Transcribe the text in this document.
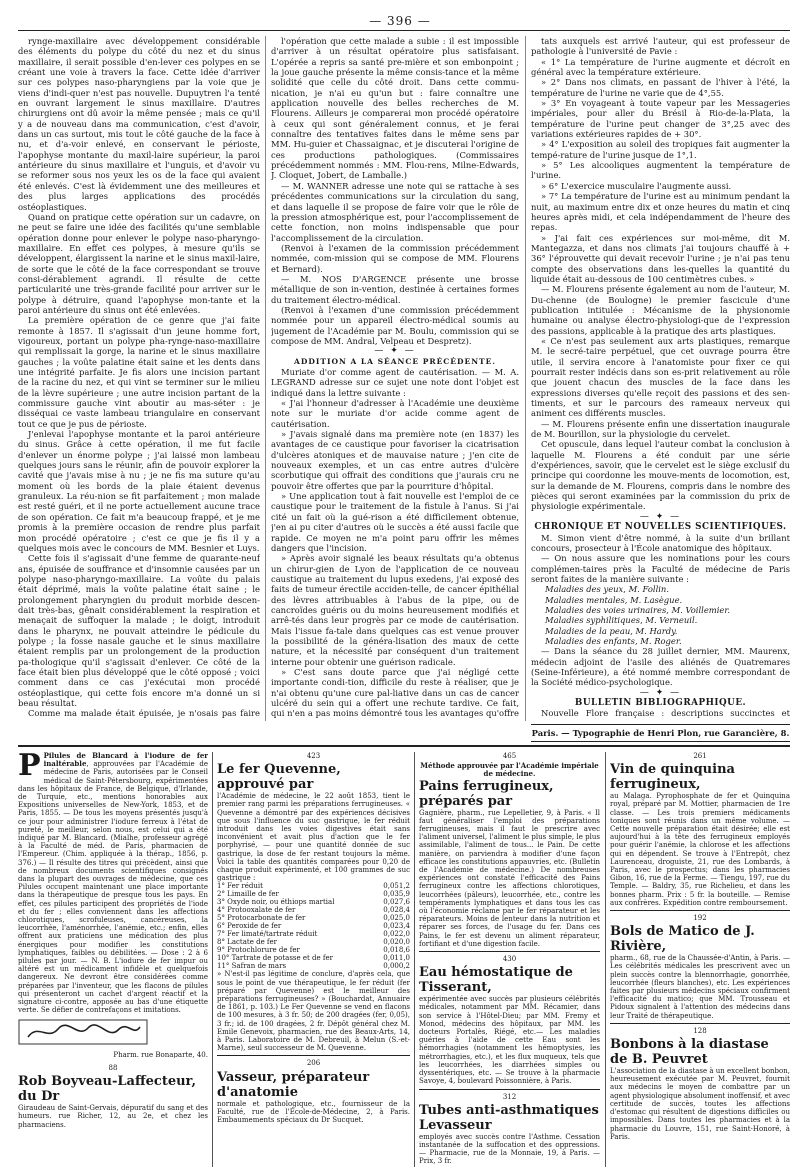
— 396 —

rynge-maxillaire avec développement considérable des éléments du polype du côté du nez et du sinus maxillaire, il serait possible d'en-lever ces polypes en se créant une voie à travers la face. Cette idée d'arriver sur ces polypes naso-pharyngiens par la voie que je viens d'indi-quer n'est pas nouvelle. Dupuytren l'a tenté en ouvrant largement le sinus maxillaire. D'autres chirurgiens ont dû avoir la même pensée ; mais ce qu'il y a de nouveau dans ma communication, c'est d'avoir, dans un cas surtout, mis tout le côté gauche de la face à nu, et d'a-voir enlevé, en conservant le périoste, l'apophyse montante du maxil-laire supérieur, la paroi antérieure du sinus maxillaire et l'unguis, et d'avoir vu se reformer sous nos yeux les os de la face qui avaient été enlevés. C'est là évidemment une des meilleures et des plus larges applications des procédés ostéoplastiques.

Quand on pratique cette opération sur un cadavre, on ne peut se faire une idée des facilités qu'une semblable opération donne pour enlever le polype naso-pharyngo-maxillaire. En effet ces polypes, à mesure qu'ils se développent, élargissent la narine et le sinus maxil-laire, de sorte que le côté de la face correspondant se trouve consi-dérablement agrandi. Il résulte de cette particularité une très-grande facilité pour arriver sur le polype à détruire, quand l'apophyse mon-tante et la paroi antérieure du sinus ont été enlevées.

La première opération de ce genre que j'ai faite remonte à 1857. Il s'agissait d'un jeune homme fort, vigoureux, portant un polype pha-rynge-naso-maxillaire qui remplissait la gorge, la narine et le sinus maxillaire gauches ; la voûte palatine était saine et les dents dans une intégrité parfaite. Je fis alors une incision partant de la racine du nez, et qui vint se terminer sur le milieu de la lèvre supérieure ; une autre incision partant de la commissure gauche vint aboutir au mas-séter : je disséquai ce vaste lambeau triangulaire en conservant tout ce que je pus de périoste.

J'enlevai l'apophyse montante et la paroi antérieure du sinus. Grâce à cette opération, il me fut facile d'enlever un énorme polype ; j'ai laissé mon lambeau quelques jours sans le réunir, afin de pouvoir explorer la cavité que j'avais mise à nu ; je ne fis ma suture qu'au moment où les bords de la plaie étaient devenus granuleux. La réu-nion se fit parfaitement ; mon malade est resté guéri, et il ne porte actuellement aucune trace de son opération. Ce fait m'a beaucoup frappé, et je me promis à la première occasion de rendre plus parfait mon procédé opératoire ; c'est ce que je fis il y a quelques mois avec le concours de MM. Besnier et Luys.

Cette fois il s'agissait d'une femme de quarante-neuf ans, épuisée de souffrance et d'insomnie causées par un polype naso-pharyngo-maxillaire. La voûte du palais était déprimé, mais la voûte palatine était saine ; le prolongement pharyngien du produit morbide descen-dait très-bas, gênait considérablement la respiration et menaçait de suffoquer la malade ; le doigt, introduit dans le pharynx, ne pouvait atteindre le pédicule du polype ; la fosse nasale gauche et le sinus maxillaire étaient remplis par un prolongement de la production pa-thologique qu'il s'agissait d'enlever. Ce côté de la face était bien plus développé que le côté opposé ; voici comment dans ce cas j'exécutai mon procédé ostéoplastique, qui cette fois encore m'a donné un si beau résultat.

Comme ma malade était épuisée, je n'osais pas faire

l'opération que cette malade a subie : il est impossible d'arriver à un résultat opératoire plus satisfaisant. L'opérée a repris sa santé pre-mière et son embonpoint ; la joue gauche présente la même consis-tance et la même solidité que celle du côté droit. Dans cette commu-nication, je n'ai eu qu'un but : faire connaître une application nouvelle des belles recherches de M. Flourens. Ailleurs je comparerai mon procédé opératoire à ceux qui sont généralement connus, et je ferai connaître des tentatives faites dans le même sens par MM. Hu-guier et Chassaignac, et je discuterai l'origine de ces productions pathologiques. (Commissaires précédemment nommés : MM. Flou-rens, Milne-Edwards, J. Cloquet, Jobert, de Lamballe.)

— M. WANNER adresse une note qui se rattache à ses précédentes communications sur la circulation du sang, et dans laquelle il se propose de faire voir que le rôle de la pression atmosphérique est, pour l'accomplissement de cette fonction, non moins indispensable que pour l'accomplissement de la circulation.

(Renvoi à l'examen de la commission précédemment nommée, com-mission qui se compose de MM. Flourens et Bernard).

— M. NOS D'ARGENCE présente une brosse métallique de son in-vention, destinée à certaines formes du traitement électro-médical.

(Renvoi à l'examen d'une commission précédemment nommée pour un appareil électro-médical soumis au jugement de l'Académie par M. Boulu, commission qui se compose de MM. Andral, Velpeau et Despretz).

— ✦ —

ADDITION A LA SÉANCE PRÉCÉDENTE.

Muriate d'or comme agent de cautérisation. — M. A. LEGRAND adresse sur ce sujet une note dont l'objet est indiqué dans la lettre suivante :

« J'ai l'honneur d'adresser à l'Académie une deuxième note sur le muriate d'or acide comme agent de cautérisation.

» J'avais signalé dans ma première note (en 1837) les avantages de ce caustique pour favoriser la cicatrisation d'ulcères atoniques et de mauvaise nature ; j'en cite de nouveaux exemples, et un cas entre autres d'ulcère scorbutique qui offrait des conditions que j'aurais cru ne pouvoir être offertes que par la pourriture d'hôpital.

» Une application tout à fait nouvelle est l'emploi de ce caustique pour le traitement de la fistule à l'anus. Si j'ai cité un fait où la gué-rison a été difficilement obtenue, j'en ai pu citer d'autres où le succès a été aussi facile que rapide. Ce moyen ne m'a point paru offrir les mêmes dangers que l'incision.

» Après avoir signalé les beaux résultats qu'a obtenus un chirur-gien de Lyon de l'application de ce nouveau caustique au traitement du lupus exedens, j'ai exposé des faits de tumeur érectile acciden-telle, de cancer épithélial des lèvres attribuables à l'abus de la pipe, ou de cancroïdes guéris ou du moins heureusement modifiés et arrê-tés dans leur progrès par ce mode de cautérisation. Mais l'issue fa-tale dans quelques cas est venue prouver la possibilité de la généra-lisation des maux de cette nature, et la nécessité par conséquent d'un traitement interne pour obtenir une guérison radicale.

» C'est sans doute parce que j'ai négligé cette importante condi-tion, difficile du reste à réaliser, que je n'ai obtenu qu'une cure pal-liative dans un cas de cancer ulcéré du sein qui a offert une rechute tardive. Ce fait, qui n'en a pas moins démontré tous les avantages qu'offre

tats auxquels est arrivé l'auteur, qui est professeur de pathologie à l'université de Pavie :

« 1° La température de l'urine augmente et décroît en général avec la température extérieure.

» 2° Dans nos climats, en passant de l'hiver à l'été, la température de l'urine ne varie que de 4°,55.

» 3° En voyageant à toute vapeur par les Messageries impériales, pour aller du Brésil à Rio-de-la-Plata, la température de l'urine peut changer de 3°,25 avec des variations extérieures rapides de + 30°.

» 4° L'exposition au soleil des tropiques fait augmenter la tempé-rature de l'urine jusque de 1°,1.

» 5° Les alcooliques augmentent la température de l'urine.

» 6° L'exercice musculaire l'augmente aussi.

» 7° La température de l'urine est au minimum pendant la nuit, au maximum entre dix et onze heures du matin et cinq heures après midi, et cela indépendamment de l'heure des repas.

» J'ai fait ces expériences sur moi-même, dit M. Mantegazza, et dans nos climats j'ai toujours chauffé à + 36° l'éprouvette qui devait recevoir l'urine ; je n'ai pas tenu compte des observations dans les-quelles la quantité du liquide était au-dessous de 100 centimètres cubes. »

— M. Flourens présente également au nom de l'auteur, M. Du-chenne (de Boulogne) le premier fascicule d'une publication intitulée : Mécanisme de la physionomie humaine ou analyse électro-physiologi-que de l'expression des passions, applicable à la pratique des arts plastiques.

« Ce n'est pas seulement aux arts plastiques, remarque M. le secré-taire perpétuel, que cet ouvrage pourra être utile, il servira encore à l'anatomiste pour fixer ce qui pourrait rester indécis dans son es-prit relativement au rôle que jouent chacun des muscles de la face dans les expressions diverses qu'elle reçoit des passions et des sen-timents, et sur le parcours des rameaux nerveux qui animent ces différents muscles.

— M. Flourens présente enfin une dissertation inaugurale de M. Bourillon, sur la physiologie du cervelet.

Cet opuscule, dans lequel l'auteur combat la conclusion à laquelle M. Flourens a été conduit par une série d'expériences, savoir, que le cervelet est le siège exclusif du principe qui coordonne les mouve-ments de locomotion, est, sur la demande de M. Flourens, compris dans le nombre des pièces qui seront examinées par la commission du prix de physiologie expérimentale.

— ✦ —

CHRONIQUE ET NOUVELLES SCIENTIFIQUES.

M. Simon vient d'être nommé, à la suite d'un brillant concours, prosecteur à l'École anatomique des hôpitaux.

— On nous assure que les nominations pour les cours complémen-taires près la Faculté de médecine de Paris seront faites de la manière suivante :

Maladies des yeux, M. Follin.

Maladies mentales, M. Lasègue.

Maladies des voies urinaires, M. Voillemier.

Maladies syphilitiques, M. Verneuil.

Maladies de la peau, M. Hardy.

Maladies des enfants, M. Roger.

— Dans la séance du 28 juillet dernier, MM. Maurenx, médecin adjoint de l'asile des aliénés de Quatremares (Seine-Inférieure), a été nommé membre correspondant de la Société médico-psychologique.

— ✦ —

BULLETIN BIBLIOGRAPHIQUE.

Nouvelle Flore française : descriptions succinctes et

Paris. — Typographie de Henri Plon, rue Garancière, 8.

P Pilules de Blancard à l'iodure de fer inaltérable, approuvées par l'Académie de médecine de Paris, autorisées par le Conseil médical de Saint-Pétersbourg, expérimentées dans les hôpitaux de France, de Belgique, d'Irlande, de Turquie, etc., mentions honorables aux Expositions universelles de New-York, 1853, et de Paris, 1855. — De tous les moyens présentés jusqu'à ce jour pour administrer l'iodure ferreux à l'état de pureté, le meilleur, selon nous, est celui qui a été indiqué par M. Blancard. (Mialhe, professeur agrégé à la Faculté de méd. de Paris, pharmacien de l'Empereur. (Chim. appliquée à la thérap., 1856, p. 376.) — Il résulte des titres qui précèdent, ainsi que de nombreux documents scientifiques consignés dans la plupart des ouvrages de médecine, que ces Pilules occupent maintenant une place importante dans la thérapeutique de presque tous les pays. En effet, ces pilules participent des propriétés de l'iode et du fer ; elles conviennent dans les affections chlorotiques, scrofuleuses, cancéreuses, la leucorrhée, l'aménorrhée, l'anémie, etc.; enfin, elles offrent aux praticiens une médication des plus énergiques pour modifier les constitutions lymphatiques, faibles ou débilitées. — Dose : 2 à 6 pilules par jour. — N. B. L'iodure de fer impur ou altéré est un médicament infidèle et quelquefois dangereux. Ne devront être considérées comme préparées par l'inventeur, que les flacons de pilules qui présenteront un cachet d'argent réactif et la signature ci-contre, apposée au bas d'une étiquette verte. Se défier de contrefaçons et imitations.

Pharm. rue Bonaparte, 40.

88

Rob Boyveau-Laffecteur, du Dr

Giraudeau de Saint-Gervais, dépuratif du sang et des humeurs. rue Richer, 12, au 2e, et chez les pharmaciens.

423

Le fer Quevenne, approuvé par

l'Académie de médecine, le 22 août 1853, tient le premier rang parmi les préparations ferrugineuses. « Quevenne a démontré par des expériences décisives que sous l'influence du suc gastrique, le fer réduit introduit dans les voies digestives était sans inconvénient et avait plus d'action que le fer porphyrisé, — pour une quantité donnée de suc gastrique, la dose de fer restant toujours la même. Voici la table des quantités comparées pour 0,20 de chaque produit expérimenté, et 100 grammes de suc gastrique :

1° Fer réduit	0,051,2
2° Limaille de fer	0,035,9
3° Oxyde noir, ou éthiops martial	0,027,6
4° Protooxalate de fer	0,028,4
5° Protocarbonate de fer	0,025,0
6° Peroxide de fer	0,023,4
7° Fer limaté/tartrate réduit	0,022,0
8° Lactate de fer	0,020,0
9° Protochlorure de fer	0,018,6
10° Tartrate de potasse et de fer	0,011,0
11° Safran de mars	0,000,2

» N'est-il pas légitime de conclure, d'après cela, que sous le point de vue thérapeutique, le fer réduit (fer préparé par Quevenne) est le meilleur des préparations ferrugineuses? » (Bouchardat, Annuaire de 1861, p. 103.) Le Fer Quevenne se vend en flacons de 100 mesures, à 3 fr. 50; de 200 dragées (fer, 0,05), 3 fr.; id. de 100 dragées, 2 fr. Dépôt général chez M. Emile Genevoix, pharmacien, rue des Beaux-Arts, 14, à Paris. Laboratoire de M. Debreuil, à Melun (S.-et-Marne), seul successeur de M. Quevenne.

206

Vasseur, préparateur d'anatomie

normale et pathologique, etc., fournisseur de la Faculté, rue de l'École-de-Médecine, 2, à Paris. Embaumements spéciaux du Dr Sucquet.

465

Méthode approuvée par l'Académie impériale de médecine.

Pains ferrugineux, préparés par

Gagnière, pharm., rue Lepelletier, 9, à Paris. « Il faut généraliser l'emploi des préparations ferrugineuses, mais il faut le prescrire avec l'aliment universel, l'aliment le plus simple, le plus assimilable, l'aliment de tous... le Pain. De cette manière, on parviendra à modifier d'une façon efficace les constitutions appauvries, etc. (Bulletin de l'Académie de médecine.) De nombreuses expériences ont constaté l'efficacité des Pains ferrugineux contre les affections chlorotiques, leucorrhées (pâleurs), leucorrhée, etc., contre les tempéraments lymphatiques et dans tous les cas où l'économie réclame par le fer réparateur et les réparateurs. Moins de lenteur dans la nutrition et réparer ses forces, de l'usage du fer. Dans ces Pains, le fer est devenu un aliment réparateur, fortifiant et d'une digestion facile.

430

Eau hémostatique de Tisserant,

expérimentée avec succès par plusieurs célébrités médicales, notamment par MM. Récamier, dans son service à l'Hôtel-Dieu; par MM. Fremy et Monod, médecins des hôpitaux, par MM. les docteurs Portalès, Riégé, etc.— Les maladies guéries à l'aide de cette Eau sont les hémorrhagies (notamment les hémoptysies, les métrorrhagies, etc.), et les flux muqueux, tels que les leucorrhées, les diarrhées simples ou dyssentériques, etc. — Se trouve à la pharmacie Savoye, 4, boulevard Poissonnière, à Paris.

312

Tubes anti-asthmatiques Levasseur

employés avec succès contre l'Asthme. Cessation instantanée de la suffocation et des oppressions. — Pharmacie, rue de la Monnaie, 19, à Paris. — Prix, 3 fr.

261

Vin de quinquina ferrugineux,

au Malaga. Pyrophosphate de fer et Quinquina royal, préparé par M. Mottier, pharmacien de 1re classe. — Les trois premiers médicaments toniques sont réunis dans un même volume. — Cette nouvelle préparation était désirée; elle est aujourd'hui à la tête des ferrugineux employés pour guérir l'anémie, la chlorose et les affections qui en dépendent. Se trouve à l'Entrepôt, chez Laurenceau, droguiste, 21, rue des Lombards, à Paris, avec le prospectus; dans les pharmacies Gibon, 16, rue de la Ferme. — Tiengu, 197, rue du Temple. — Baldry, 35, rue Richelieu, et dans les bonnes pharm. Prix : 5 fr. la bouteille. — Remise aux confrères. Expédition contre remboursement.

192

Bols de Matico de J. Rivière,

pharm., 68, rue de la Chaussée-d'Antin, à Paris. — Les célébrités médicales les prescrivent avec un plein succès contre la blennorrhagie, gonorrhée, leucorrhée (fleurs blanches), etc. Les expériences faites par plusieurs médecins spéciaux confirment l'efficacité du matico; que MM. Trousseau et Pidoux signalent à l'attention des médecins dans leur Traité de thérapeutique.

128

Bonbons à la diastase de B. Peuvret

L'association de la diastase à un excellent bonbon, heureusement exécutée par M. Peuvret, fournit aux médecins le moyen de combattre par un agent physiologique absolument inoffensif, et avec certitude de succès, toutes les affections d'estomac qui résultent de digestions difficiles ou impossibles. Dans toutes les pharmacies et à la pharmacie du Louvre, 151, rue Saint-Honoré, à Paris.
